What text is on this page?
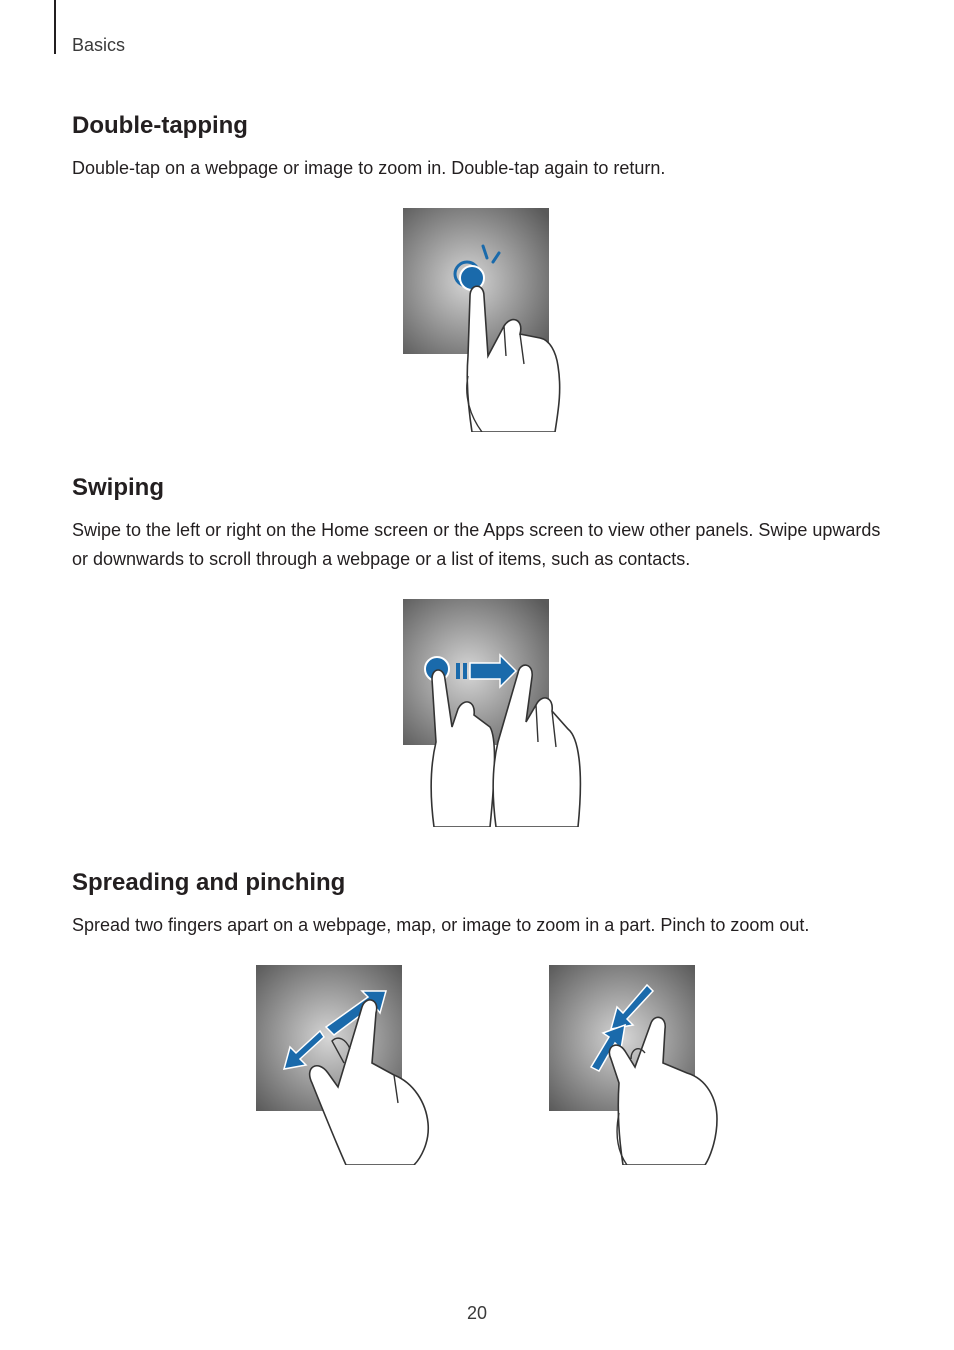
Basics
Double-tapping
Double-tap on a webpage or image to zoom in. Double-tap again to return.
Swiping
Swipe to the left or right on the Home screen or the Apps screen to view other panels. Swipe upwards or downwards to scroll through a webpage or a list of items, such as contacts.
Spreading and pinching
Spread two fingers apart on a webpage, map, or image to zoom in a part. Pinch to zoom out.
20
